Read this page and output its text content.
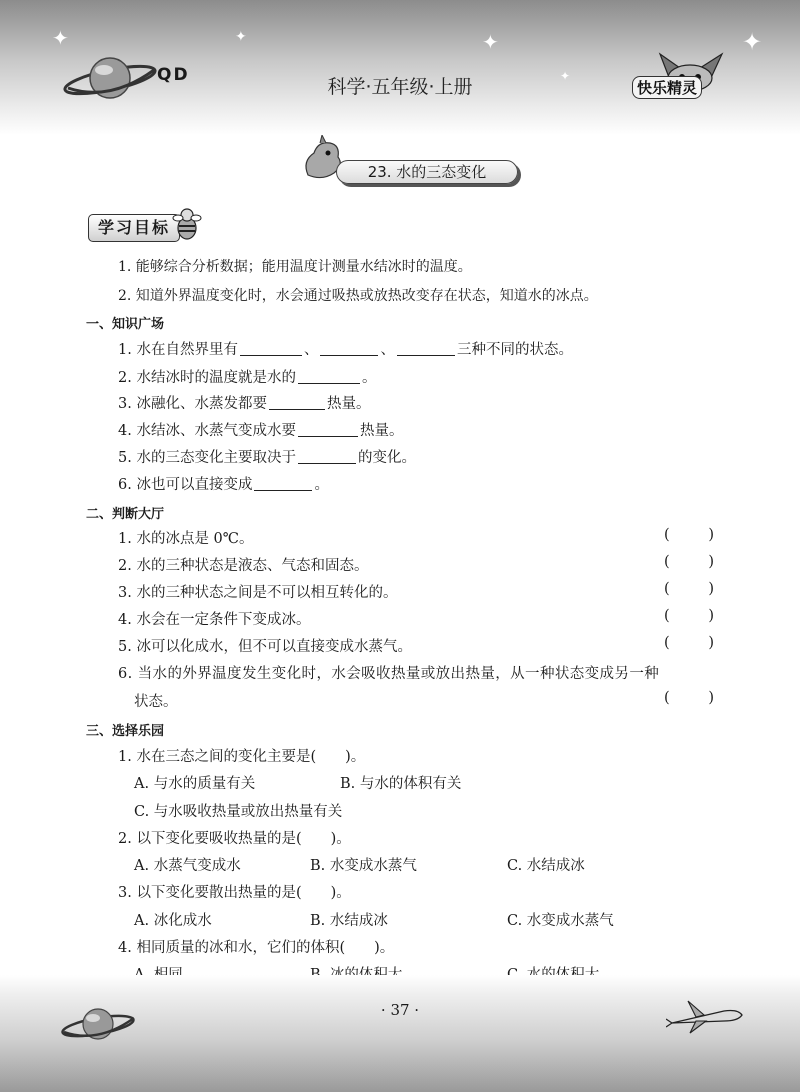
✦	✦	✦	✦
✦
QD
科学·五年级·上册	快乐精灵
23. 水的三态变化
学习目标
1. 能够综合分析数据；能用温度计测量水结冰时的温度。
2. 知道外界温度变化时，水会通过吸热或放热改变存在状态，知道水的冰点。
一、知识广场
1. 水在自然界里有	、	、	三种不同的状态。
2. 水结冰时的温度就是水的	。
3. 冰融化、水蒸发都要	热量。
4. 水结冰、水蒸气变成水要	热量。
5. 水的三态变化主要取决于	的变化。
6. 冰也可以直接变成	。
二、判断大厅
1. 水的冰点是 0℃。	(	)
2. 水的三种状态是液态、气态和固态。	(	)
3. 水的三种状态之间是不可以相互转化的。	(	)
4. 水会在一定条件下变成冰。	(	)
5. 冰可以化成水，但不可以直接变成水蒸气。	(	)
6. 当水的外界温度发生变化时，水会吸收热量或放出热量，从一种状态变成另一种
状态。	(	)
三、选择乐园
1. 水在三态之间的变化主要是(　　)。
A. 与水的质量有关	B. 与水的体积有关
C. 与水吸收热量或放出热量有关
2. 以下变化要吸收热量的是(　　)。
A. 水蒸气变成水	B. 水变成水蒸气	C. 水结成冰
3. 以下变化要散出热量的是(　　)。
A. 冰化成水	B. 水结成冰	C. 水变成水蒸气
4. 相同质量的冰和水，它们的体积(　　)。
· 37 ·
